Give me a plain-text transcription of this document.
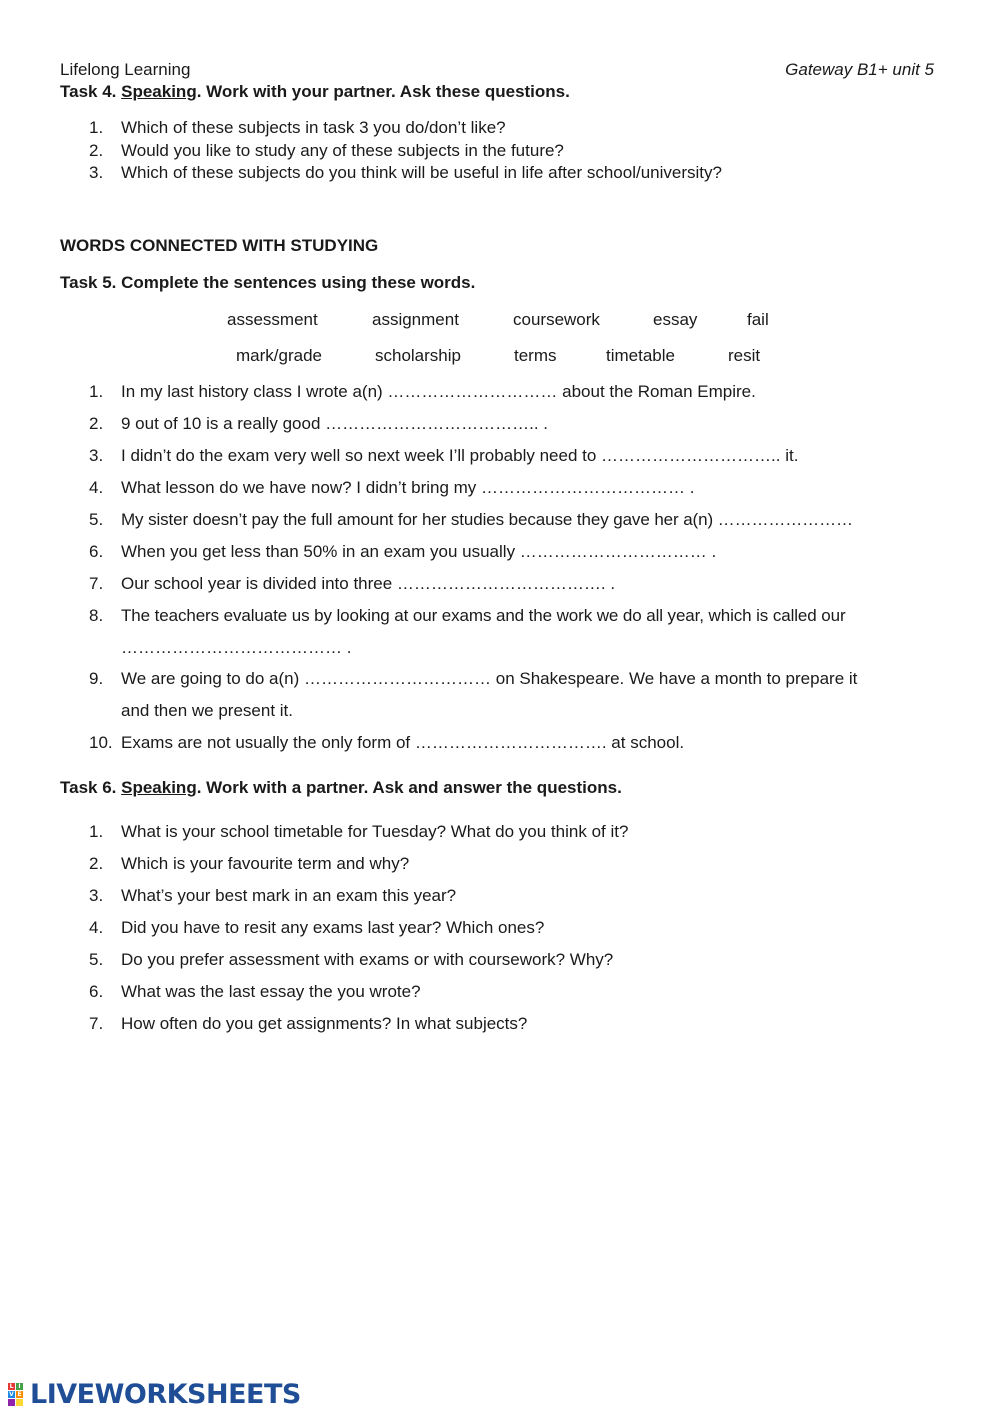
Lifelong Learning	Gateway B1+ unit 5
Task 4. Speaking. Work with your partner. Ask these questions.
1. Which of these subjects in task 3 you do/don’t like?
2. Would you like to study any of these subjects in the future?
3. Which of these subjects do you think will be useful in life after school/university?
WORDS CONNECTED WITH STUDYING
Task 5. Complete the sentences using these words.
assessment	assignment	coursework	essay	fail
mark/grade	scholarship	terms	timetable	resit
1. In my last history class I wrote a(n) ………………………… about the Roman Empire.
2. 9 out of 10 is a really good ……………………………….. .
3. I didn’t do the exam very well so next week I’ll probably need to ………………………….. it.
4. What lesson do we have now? I didn’t bring my ……………………………… .
5. My sister doesn’t pay the full amount for her studies because they gave her a(n) ……………………
6. When you get less than 50% in an exam you usually …………………………… .
7. Our school year is divided into three ………………………………. .
8. The teachers evaluate us by looking at our exams and the work we do all year, which is called our
………………………………… .
9. We are going to do a(n) …………………………… on Shakespeare. We have a month to prepare it
and then we present it.
10. Exams are not usually the only form of ……………………………. at school.
Task 6. Speaking. Work with a partner. Ask and answer the questions.
1. What is your school timetable for Tuesday? What do you think of it?
2. Which is your favourite term and why?
3. What’s your best mark in an exam this year?
4. Did you have to resit any exams last year? Which ones?
5. Do you prefer assessment with exams or with coursework? Why?
6. What was the last essay the you wrote?
7. How often do you get assignments? In what subjects?
L I
V E LIVEWORKSHEETS
